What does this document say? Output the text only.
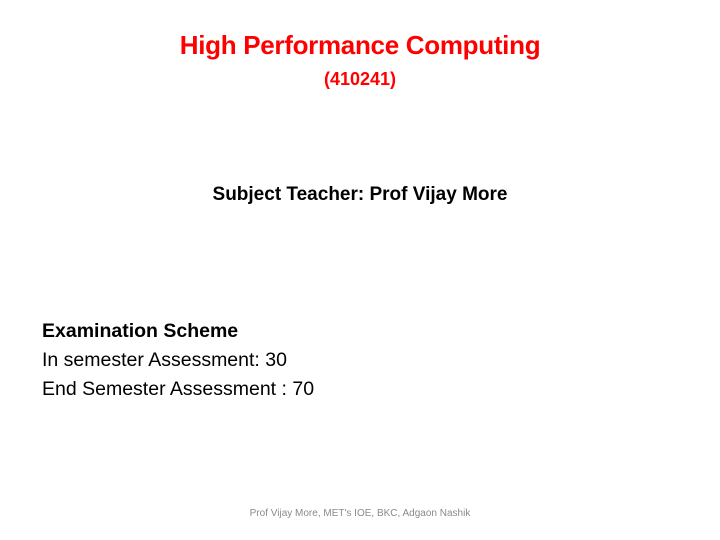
High Performance Computing
(410241)
Subject Teacher: Prof Vijay More
Examination Scheme
In semester Assessment: 30
End Semester Assessment : 70
Prof Vijay More, MET's IOE, BKC, Adgaon Nashik
